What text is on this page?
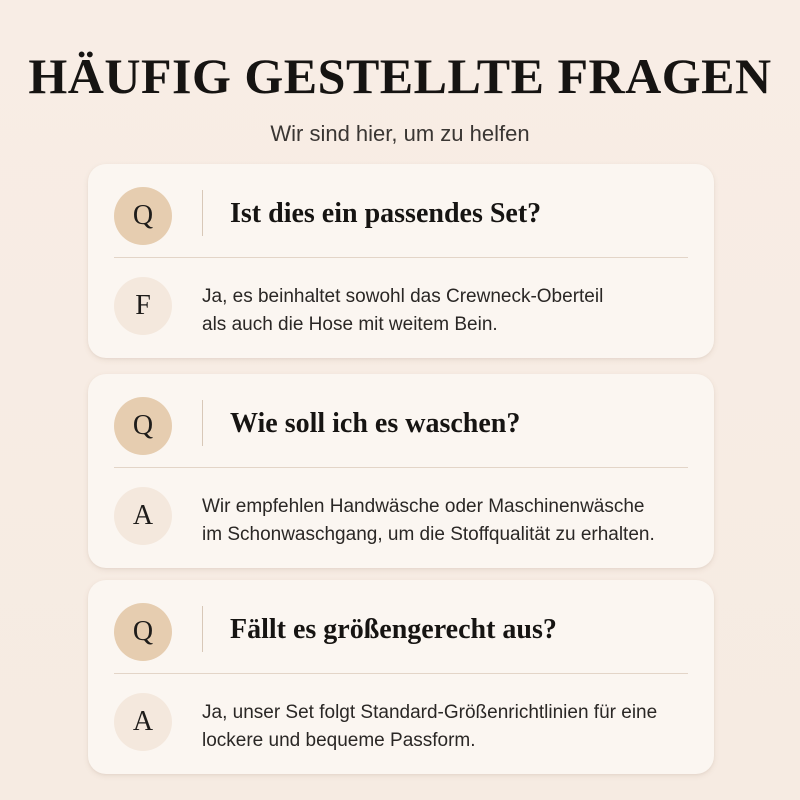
HÄUFIG GESTELLTE FRAGEN

Wir sind hier, um zu helfen

Q	Ist dies ein passendes Set?
F	Ja, es beinhaltet sowohl das Crewneck-Oberteil
als auch die Hose mit weitem Bein.
Q	Wie soll ich es waschen?
A	Wir empfehlen Handwäsche oder Maschinenwäsche
im Schonwaschgang, um die Stoffqualität zu erhalten.
Q	Fällt es größengerecht aus?
A	Ja, unser Set folgt Standard-Größenrichtlinien für eine
lockere und bequeme Passform.
